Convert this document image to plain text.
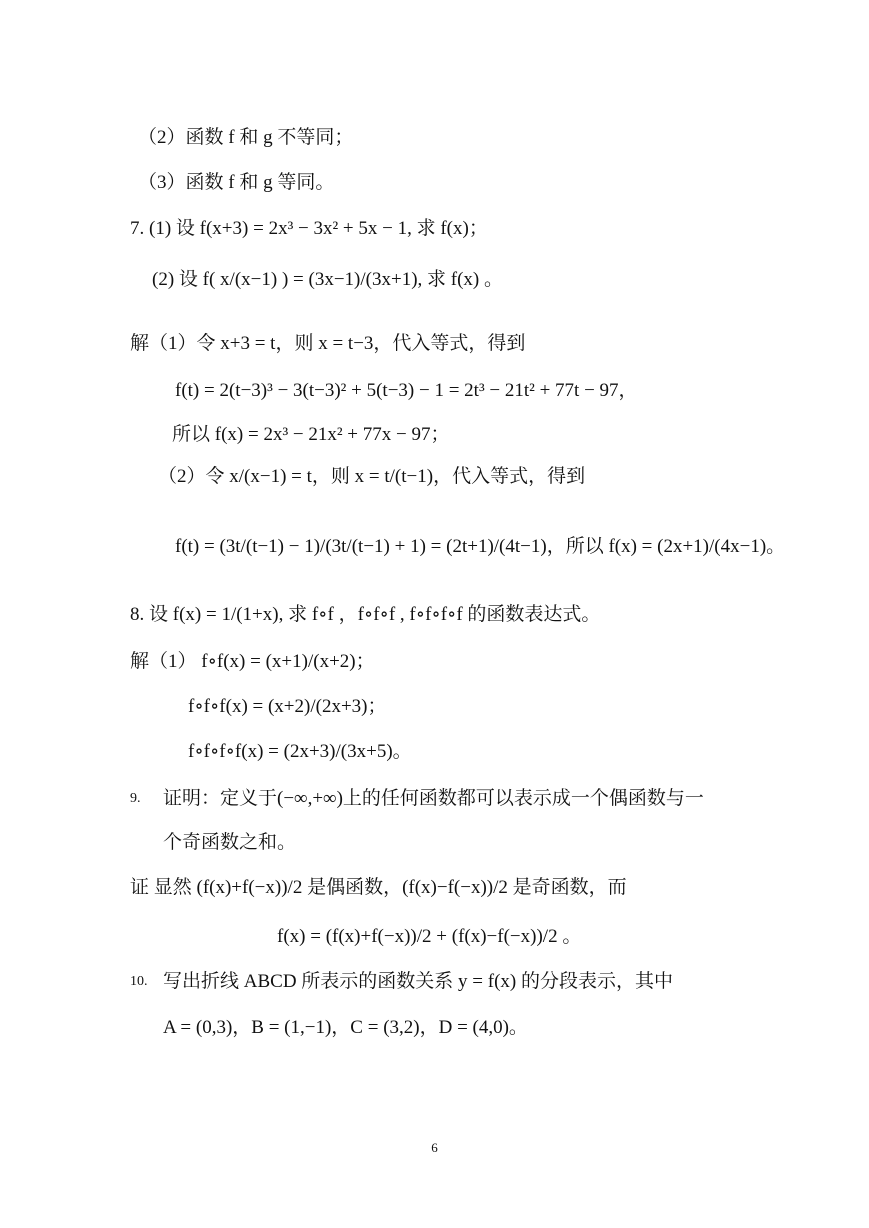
（2）函数 f 和 g 不等同；
（3）函数 f 和 g 等同。
7. (1) 设 f(x+3) = 2x³ − 3x² + 5x − 1, 求 f(x)；
(2) 设 f( x/(x−1) ) = (3x−1)/(3x+1), 求 f(x) 。
解（1）令 x+3 = t，则 x = t−3，代入等式，得到
f(t) = 2(t−3)³ − 3(t−3)² + 5(t−3) − 1 = 2t³ − 21t² + 77t − 97，
所以 f(x) = 2x³ − 21x² + 77x − 97；
（2）令 x/(x−1) = t，则 x = t/(t−1)，代入等式，得到
f(t) = (3t/(t−1) − 1)/(3t/(t−1) + 1) = (2t+1)/(4t−1)，所以 f(x) = (2x+1)/(4x−1)。
8. 设 f(x) = 1/(1+x), 求 f∘f ，f∘f∘f , f∘f∘f∘f 的函数表达式。
解（1） f∘f(x) = (x+1)/(x+2)；
f∘f∘f(x) = (x+2)/(2x+3)；
f∘f∘f∘f(x) = (2x+3)/(3x+5)。
9. 证明：定义于(−∞,+∞)上的任何函数都可以表示成一个偶函数与一
个奇函数之和。
证 显然 (f(x)+f(−x))/2 是偶函数，(f(x)−f(−x))/2 是奇函数，而
f(x) = (f(x)+f(−x))/2 + (f(x)−f(−x))/2 。
10. 写出折线 ABCD 所表示的函数关系 y = f(x) 的分段表示，其中
A = (0,3)，B = (1,−1)，C = (3,2)，D = (4,0)。
6
